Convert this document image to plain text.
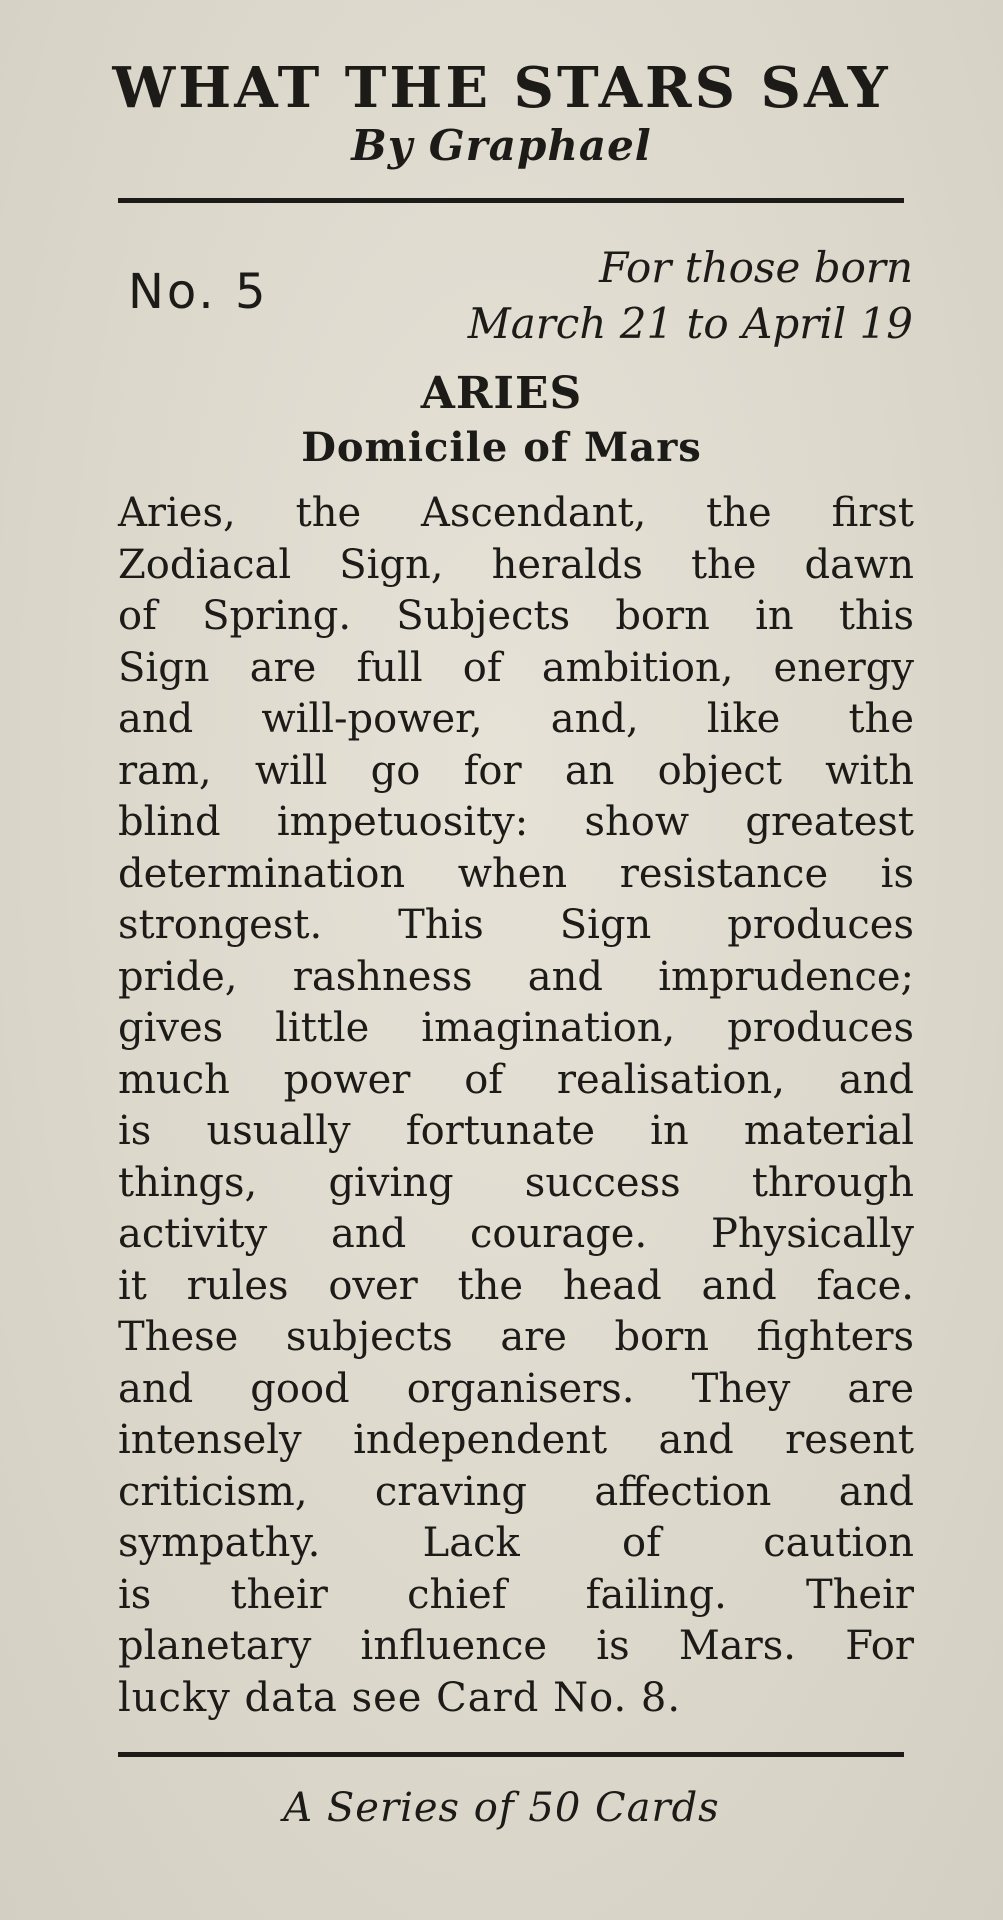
WHAT THE STARS SAY
By Graphael
No. 5	For those born
March 21 to April 19
ARIES
Domicile of Mars
Aries, the Ascendant, the first
Zodiacal Sign, heralds the dawn
of Spring. Subjects born in this
Sign are full of ambition, energy
and will-power, and, like the
ram, will go for an object with
blind impetuosity: show greatest
determination when resistance is
strongest. This Sign produces
pride, rashness and imprudence;
gives little imagination, produces
much power of realisation, and
is usually fortunate in material
things, giving success through
activity and courage. Physically
it rules over the head and face.
These subjects are born fighters
and good organisers. They are
intensely independent and resent
criticism, craving affection and
sympathy. Lack of caution
is their chief failing. Their
planetary influence is Mars. For
lucky data see Card No. 8.
A Series of 50 Cards
